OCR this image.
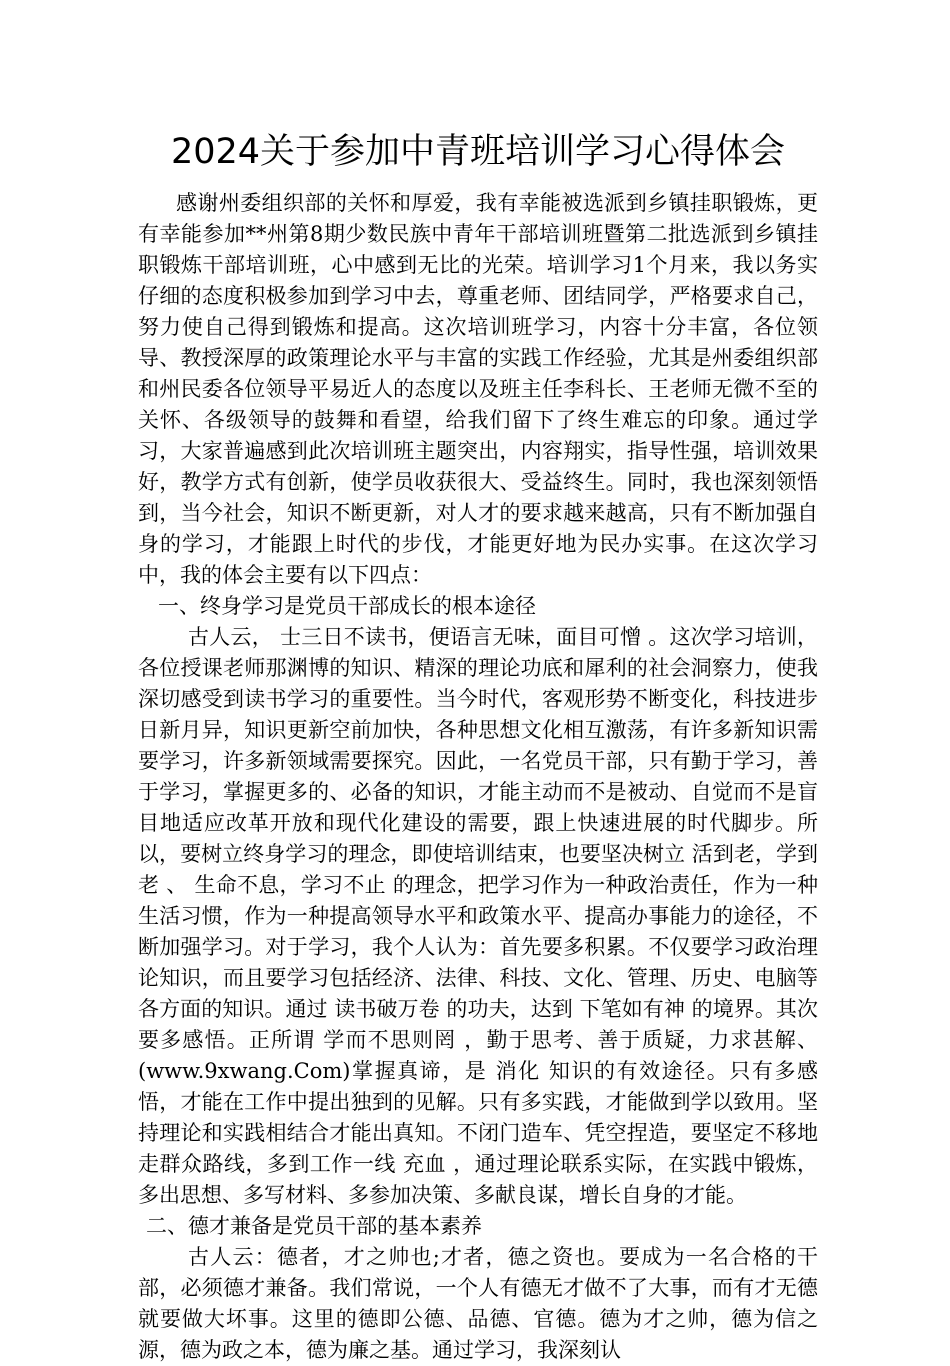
2024关于参加中青班培训学习心得体会

感谢州委组织部的关怀和厚爱，我有幸能被选派到乡镇挂职锻炼，更有幸能参加**州第8期少数民族中青年干部培训班暨第二批选派到乡镇挂职锻炼干部培训班，心中感到无比的光荣。培训学习1个月来，我以务实仔细的态度积极参加到学习中去，尊重老师、团结同学，严格要求自己，努力使自己得到锻炼和提高。这次培训班学习，内容十分丰富，各位领导、教授深厚的政策理论水平与丰富的实践工作经验，尤其是州委组织部和州民委各位领导平易近人的态度以及班主任李科长、王老师无微不至的关怀、各级领导的鼓舞和看望，给我们留下了终生难忘的印象。通过学习，大家普遍感到此次培训班主题突出，内容翔实，指导性强，培训效果好，教学方式有创新，使学员收获很大、受益终生。同时，我也深刻领悟到，当今社会，知识不断更新，对人才的要求越来越高，只有不断加强自身的学习，才能跟上时代的步伐，才能更好地为民办实事。在这次学习中，我的体会主要有以下四点：

一、终身学习是党员干部成长的根本途径

古人云， 士三日不读书，便语言无味，面目可憎 。这次学习培训，各位授课老师那渊博的知识、精深的理论功底和犀利的社会洞察力，使我深切感受到读书学习的重要性。当今时代，客观形势不断变化，科技进步日新月异，知识更新空前加快，各种思想文化相互激荡，有许多新知识需要学习，许多新领域需要探究。因此，一名党员干部，只有勤于学习，善于学习，掌握更多的、必备的知识，才能主动而不是被动、自觉而不是盲目地适应改革开放和现代化建设的需要，跟上快速进展的时代脚步。所以，要树立终身学习的理念，即使培训结束，也要坚决树立 活到老，学到老 、 生命不息，学习不止 的理念，把学习作为一种政治责任，作为一种生活习惯，作为一种提高领导水平和政策水平、提高办事能力的途径，不断加强学习。对于学习，我个人认为：首先要多积累。不仅要学习政治理论知识，而且要学习包括经济、法律、科技、文化、管理、历史、电脑等各方面的知识。通过 读书破万卷 的功夫，达到 下笔如有神 的境界。其次要多感悟。正所谓 学而不思则罔 ，勤于思考、善于质疑，力求甚解、(www.9xwang.Com)掌握真谛，是 消化 知识的有效途径。只有多感悟，才能在工作中提出独到的见解。只有多实践，才能做到学以致用。坚持理论和实践相结合才能出真知。不闭门造车、凭空捏造，要坚定不移地走群众路线，多到工作一线 充血 ，通过理论联系实际，在实践中锻炼，多出思想、多写材料、多参加决策、多献良谋，增长自身的才能。

二、德才兼备是党员干部的基本素养

古人云：德者，才之帅也;才者，德之资也。要成为一名合格的干部，必须德才兼备。我们常说，一个人有德无才做不了大事，而有才无德就要做大坏事。这里的德即公德、品德、官德。德为才之帅，德为信之源，德为政之本，德为廉之基。通过学习，我深刻认
